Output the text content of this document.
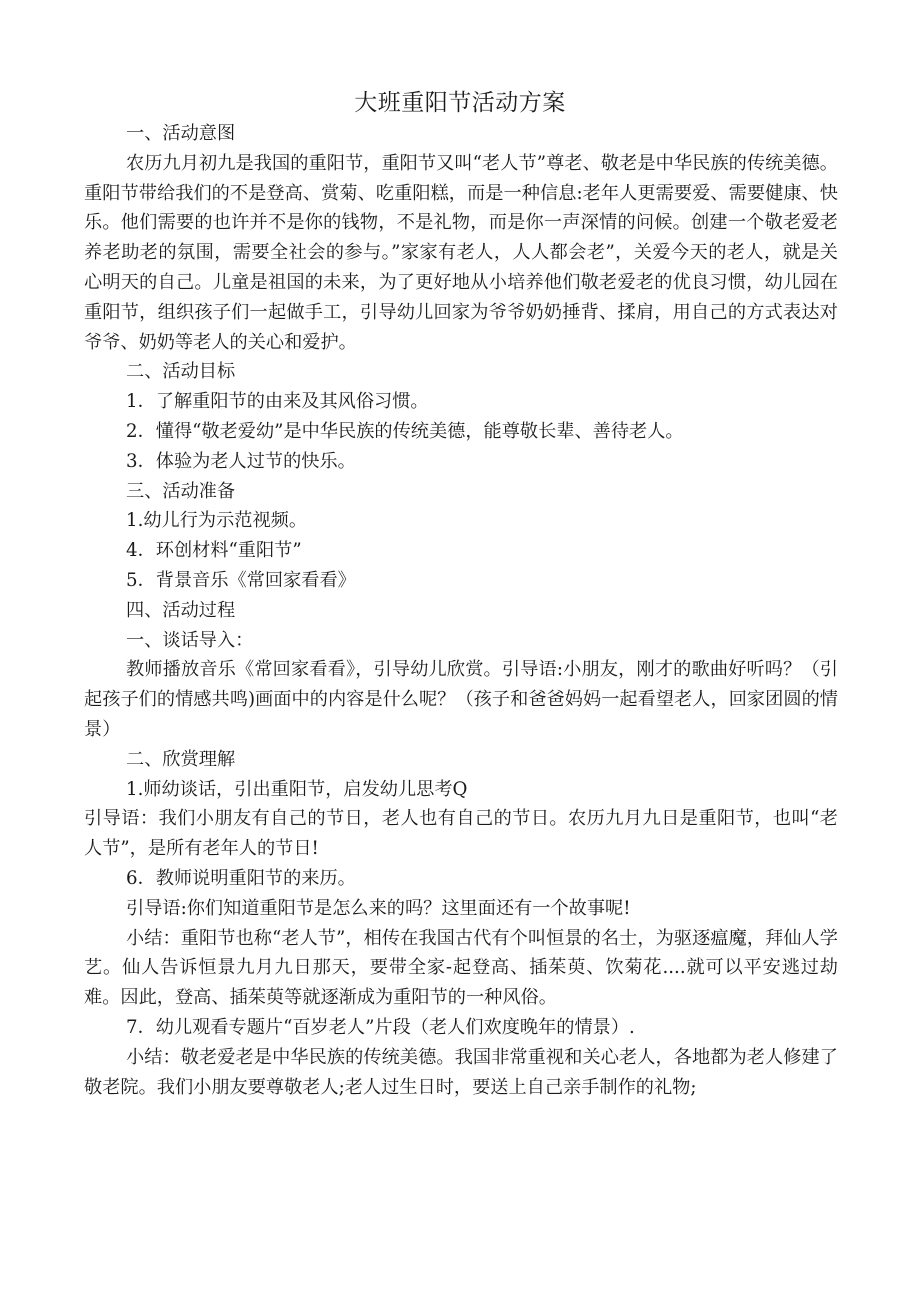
大班重阳节活动方案

一、活动意图

农历九月初九是我国的重阳节，重阳节又叫“老人节”尊老、敬老是中华民族的传统美德。重阳节带给我们的不是登高、赏菊、吃重阳糕，而是一种信息:老年人更需要爱、需要健康、快乐。他们需要的也许并不是你的钱物，不是礼物，而是你一声深情的问候。创建一个敬老爱老养老助老的氛围，需要全社会的参与。”家家有老人，人人都会老”，关爱今天的老人，就是关心明天的自己。儿童是祖国的未来，为了更好地从小培养他们敬老爱老的优良习惯，幼儿园在重阳节，组织孩子们一起做手工，引导幼儿回家为爷爷奶奶捶背、揉肩，用自己的方式表达对爷爷、奶奶等老人的关心和爱护。

二、活动目标

1．了解重阳节的由来及其风俗习惯。

2．懂得“敬老爱幼”是中华民族的传统美德，能尊敬长辈、善待老人。

3．体验为老人过节的快乐。

三、活动准备

1.幼儿行为示范视频。

4．环创材料“重阳节”

5．背景音乐《常回家看看》

四、活动过程

一、谈话导入：

教师播放音乐《常回家看看》，引导幼儿欣赏。引导语:小朋友，刚才的歌曲好听吗？（引起孩子们的情感共鸣)画面中的内容是什么呢？（孩子和爸爸妈妈一起看望老人，回家团圆的情景）

二、欣赏理解

1.师幼谈话，引出重阳节，启发幼儿思考Q

引导语：我们小朋友有自己的节日，老人也有自己的节日。农历九月九日是重阳节，也叫“老人节”，是所有老年人的节日!

6．教师说明重阳节的来历。

引导语:你们知道重阳节是怎么来的吗？这里面还有一个故事呢!

小结：重阳节也称“老人节”，相传在我国古代有个叫恒景的名士，为驱逐瘟魔，拜仙人学艺。仙人告诉恒景九月九日那天，要带全家-起登高、插茱萸、饮菊花....就可以平安逃过劫难。因此，登高、插茱萸等就逐渐成为重阳节的一种风俗。

7．幼儿观看专题片“百岁老人”片段（老人们欢度晚年的情景）.

小结：敬老爱老是中华民族的传统美德。我国非常重视和关心老人，各地都为老人修建了敬老院。我们小朋友要尊敬老人;老人过生日时，要送上自己亲手制作的礼物;
